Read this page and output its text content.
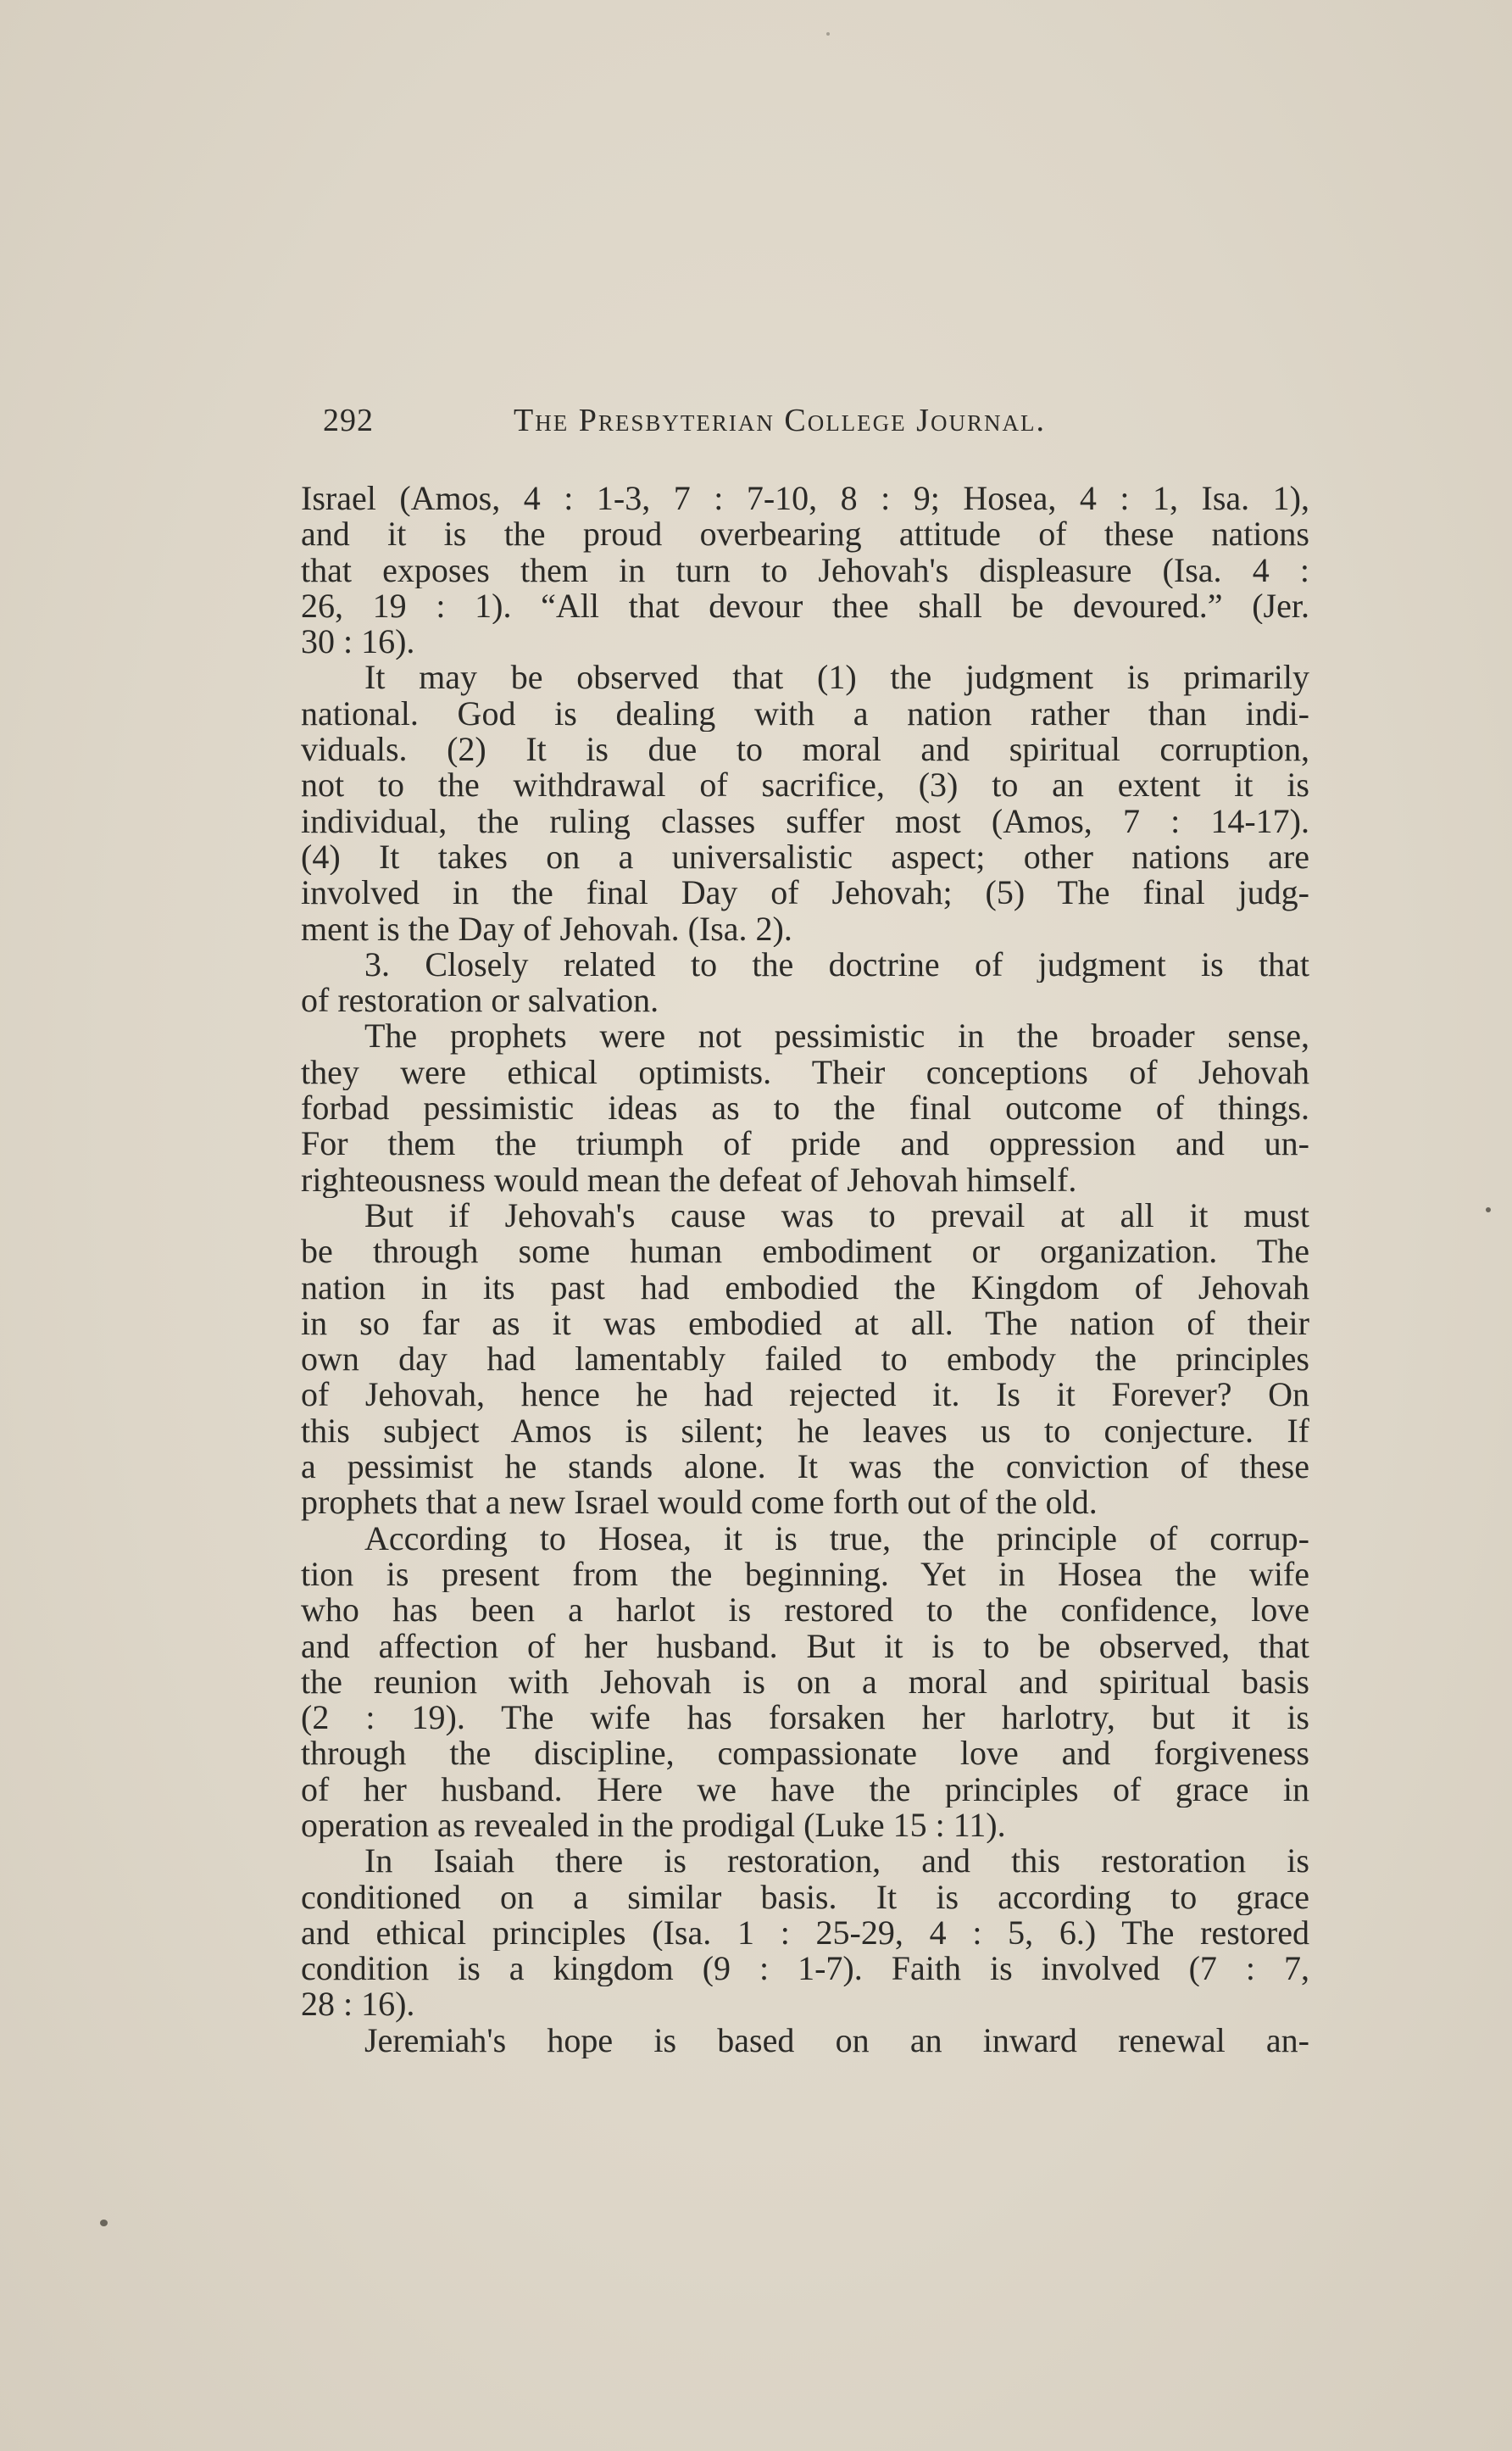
292	The Presbyterian College Journal.
Israel (Amos, 4 : 1-3, 7 : 7-10, 8 : 9; Hosea, 4 : 1, Isa. 1),
and it is the proud overbearing attitude of these nations
that exposes them in turn to Jehovah's displeasure (Isa. 4 :
26, 19 : 1). “All that devour thee shall be devoured.” (Jer.
30 : 16).
It may be observed that (1) the judgment is primarily
national. God is dealing with a nation rather than indi-
viduals. (2) It is due to moral and spiritual corruption,
not to the withdrawal of sacrifice, (3) to an extent it is
individual, the ruling classes suffer most (Amos, 7 : 14-17).
(4) It takes on a universalistic aspect; other nations are
involved in the final Day of Jehovah; (5) The final judg-
ment is the Day of Jehovah. (Isa. 2).
3. Closely related to the doctrine of judgment is that
of restoration or salvation.
The prophets were not pessimistic in the broader sense,
they were ethical optimists. Their conceptions of Jehovah
forbad pessimistic ideas as to the final outcome of things.
For them the triumph of pride and oppression and un-
righteousness would mean the defeat of Jehovah himself.
But if Jehovah's cause was to prevail at all it must
be through some human embodiment or organization. The
nation in its past had embodied the Kingdom of Jehovah
in so far as it was embodied at all. The nation of their
own day had lamentably failed to embody the principles
of Jehovah, hence he had rejected it. Is it Forever? On
this subject Amos is silent; he leaves us to conjecture. If
a pessimist he stands alone. It was the conviction of these
prophets that a new Israel would come forth out of the old.
According to Hosea, it is true, the principle of corrup-
tion is present from the beginning. Yet in Hosea the wife
who has been a harlot is restored to the confidence, love
and affection of her husband. But it is to be observed, that
the reunion with Jehovah is on a moral and spiritual basis
(2 : 19). The wife has forsaken her harlotry, but it is
through the discipline, compassionate love and forgiveness
of her husband. Here we have the principles of grace in
operation as revealed in the prodigal (Luke 15 : 11).
In Isaiah there is restoration, and this restoration is
conditioned on a similar basis. It is according to grace
and ethical principles (Isa. 1 : 25-29, 4 : 5, 6.) The restored
condition is a kingdom (9 : 1-7). Faith is involved (7 : 7,
28 : 16).
Jeremiah's hope is based on an inward renewal an-
